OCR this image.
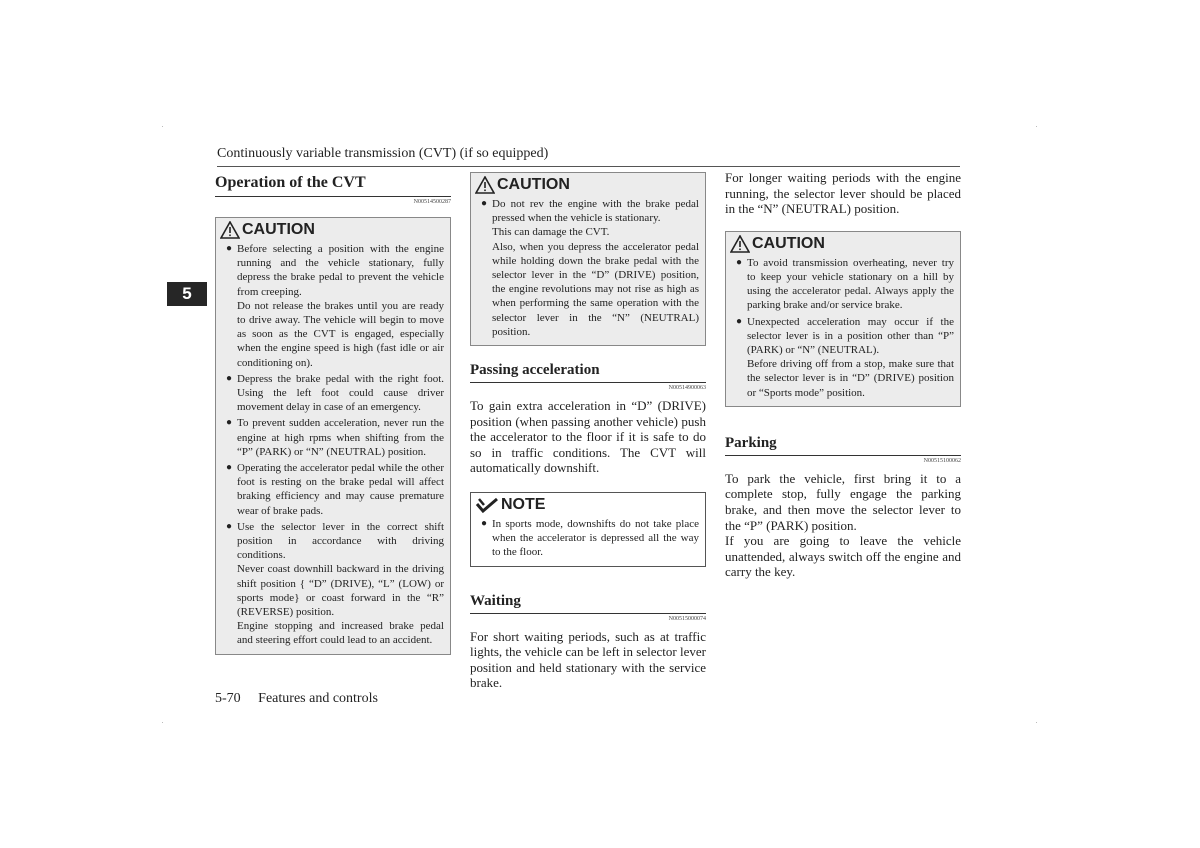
Continuously variable transmission (CVT) (if so equipped)
5
Operation of the CVT
N00514500287
CAUTION
● Before selecting a position with the engine running and the vehicle stationary, fully depress the brake pedal to prevent the vehicle from creeping.

Do not release the brakes until you are ready to drive away. The vehicle will begin to move as soon as the CVT is engaged, especially when the engine speed is high (fast idle or air conditioning on).

● Depress the brake pedal with the right foot. Using the left foot could cause driver movement delay in case of an emergency.

● To prevent sudden acceleration, never run the engine at high rpms when shifting from the “P” (PARK) or “N” (NEUTRAL) position.

● Operating the accelerator pedal while the other foot is resting on the brake pedal will affect braking efficiency and may cause premature wear of brake pads.

● Use the selector lever in the correct shift position in accordance with driving conditions.

Never coast downhill backward in the driving shift position { “D” (DRIVE), “L” (LOW) or sports mode} or coast forward in the “R” (REVERSE) position.

Engine stopping and increased brake pedal and steering effort could lead to an accident.

CAUTION
● Do not rev the engine with the brake pedal pressed when the vehicle is stationary.

This can damage the CVT.

Also, when you depress the accelerator pedal while holding down the brake pedal with the selector lever in the “D” (DRIVE) position, the engine revolutions may not rise as high as when performing the same operation with the selector lever in the “N” (NEUTRAL) position.

Passing acceleration
N00514900063

To gain extra acceleration in “D” (DRIVE) position (when passing another vehicle) push the accelerator to the floor if it is safe to do so in traffic conditions. The CVT will automatically downshift.

NOTE
● In sports mode, downshifts do not take place when the accelerator is depressed all the way to the floor.

Waiting
N00515000074

For short waiting periods, such as at traffic lights, the vehicle can be left in selector lever position and held stationary with the service brake.

For longer waiting periods with the engine running, the selector lever should be placed in the “N” (NEUTRAL) position.

CAUTION
● To avoid transmission overheating, never try to keep your vehicle stationary on a hill by using the accelerator pedal. Always apply the parking brake and/or service brake.

● Unexpected acceleration may occur if the selector lever is in a position other than “P” (PARK) or “N” (NEUTRAL).

Before driving off from a stop, make sure that the selector lever is in “D” (DRIVE) position or “Sports mode” position.

Parking
N00515100062

To park the vehicle, first bring it to a complete stop, fully engage the parking brake, and then move the selector lever to the “P” (PARK) position.

If you are going to leave the vehicle unattended, always switch off the engine and carry the key.

5-70 Features and controls
